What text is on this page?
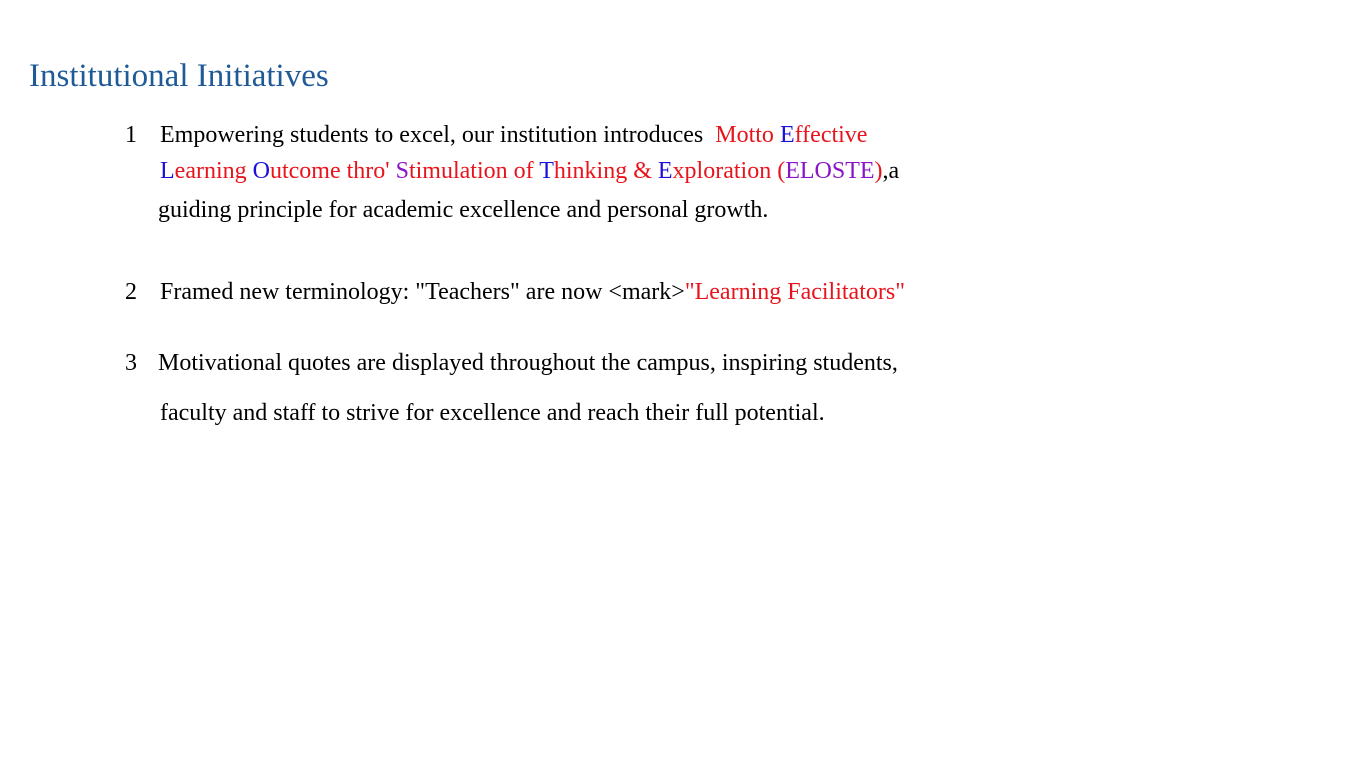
Institutional Initiatives
1 Empowering students to excel, our institution introduces  Motto Effective
Learning Outcome thro' Stimulation of Thinking & Exploration (ELOSTE),a
guiding principle for academic excellence and personal growth.
2 Framed new terminology: "Teachers" are now <mark>"Learning Facilitators"
3 Motivational quotes are displayed throughout the campus, inspiring students,
faculty and staff to strive for excellence and reach their full potential.
